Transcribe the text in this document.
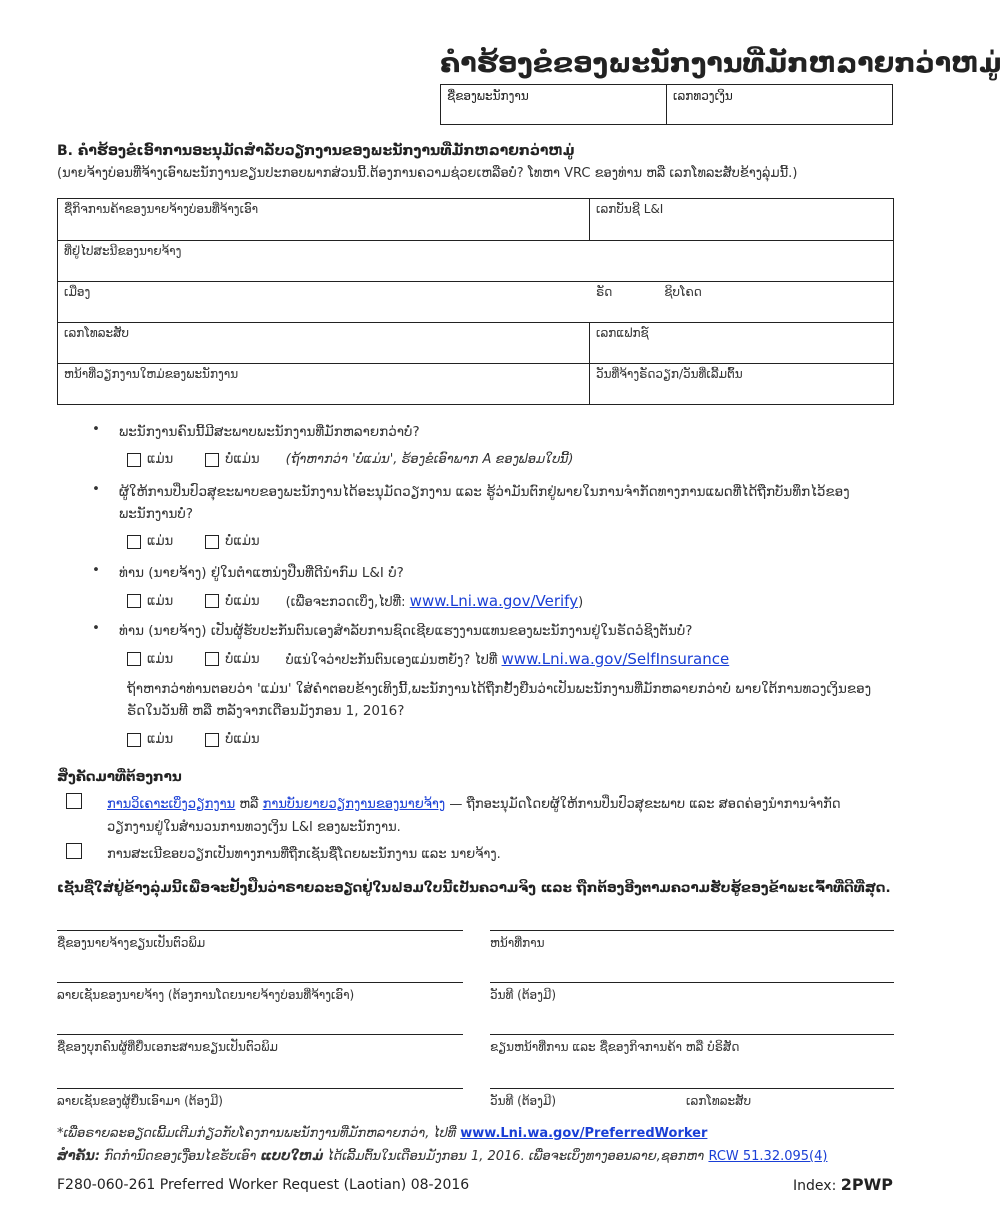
ຄຳຮ້ອງຂໍຂອງພະນັກງານທີ່ມັກຫລາຍກວ່າຫມູ່
ຊື່ຂອງພະນັກງານ	ເລກທວງເງິນ
B. ຄຳຮ້ອງຂໍເອົາການອະນຸມັດສຳລັບວຽກງານຂອງພະນັກງານທີ່ມັກຫລາຍກວ່າຫມູ່
(ນາຍຈ້າງບ່ອນທີ່ຈ້າງເອົາພະນັກງານຂຽນປະກອບພາກສ່ວນນີ້.ຕ້ອງການຄວາມຊ່ວຍເຫລືອບໍ່? ໂທຫາ VRC ຂອງທ່ານ ຫລື ເລກໂທລະສັບຂ້າງລຸ່ມນີ້.)
ຊື່ກິຈການຄ້າຂອງນາຍຈ້າງບ່ອນທີ່ຈ້າງເອົາ	ເລກບັນຊີ L&I
ທີ່ຢູ່ໄປສະນີຂອງນາຍຈ້າງ
ເມືອງ	ຣັດ	ຊິບໂຄດ
ເລກໂທລະສັບ	ເລກແຟກຊ໌
ຫນ້າທີ່ວຽກງານໃຫມ່ຂອງພະນັກງານ	ວັນທີ່ຈ້າງຣັດວຽກ/ວັນທີ່ເລີ້ມຕົ້ນ
• ພະນັກງານຄົນນີ້ມີສະພາບພະນັກງານທີ່ມັກຫລາຍກວ່າບໍ່?
ແມ່ນ	ບໍ່ແມ່ນ (ຖ້າຫາກວ່າ 'ບໍ່ແມ່ນ', ຮ້ອງຂໍເອົາພາກ A ຂອງຟອມໃບນີ້)
• ຜູ້ໃຫ້ການປິ່ນປົວສຸຂະພາບຂອງພະນັກງານໄດ້ອະນຸມັດວຽກງານ ແລະ ຮູ້ວ່າມັນຕົກຢູ່ພາຍໃນການຈຳກັດທາງການແພດທີ່ໄດ້ຖືກບັນທຶກໄວ້ຂອງພະນັກງານບໍ່?
ແມ່ນ	ບໍ່ແມ່ນ
• ທ່ານ (ນາຍຈ້າງ) ຢູ່ໃນຕຳແຫນ່ງປືນທີ່ດີນຳກົມ L&I ບໍ່?
ແມ່ນ	ບໍ່ແມ່ນ (ເພື່ອຈະກວດເບິ່ງ,ໄປທີ່: www.Lni.wa.gov/Verify)
• ທ່ານ (ນາຍຈ້າງ) ເປັນຜູ້ຮັບປະກັນຕົນເອງສຳລັບການຊົດເຊີຍແຮງງານແທນຂອງພະນັກງານຢູ່ໃນຣັດວໍຊິງຕັນບໍ່?
ແມ່ນ	ບໍ່ແມ່ນ ບໍ່ແນ່ໃຈວ່າປະກັນຕົນເອງແມ່ນຫຍັງ? ໄປທີ່ www.Lni.wa.gov/SelfInsurance
ຖ້າຫາກວ່າທ່ານຕອບວ່າ 'ແມ່ນ' ໃສ່ຄຳຕອບຂ້າງເທິງນີ້,ພະນັກງານໄດ້ຖືກຢັ້ງຢືນວ່າເປັນພະນັກງານທີ່ມັກຫລາຍກວ່າບໍ່ ພາຍໃຕ້ການທວງເງິນຂອງຣັດໃນວັນທີ ຫລື ຫລັງຈາກເດືອນມັງກອນ 1, 2016?
ແມ່ນ	ບໍ່ແມ່ນ
ສິ່ງຄັດມາທີ່ຕ້ອງການ
ການວິເຄາະເບິ່ງວຽກງານ ຫລື ການບັນຍາຍວຽກງານຂອງນາຍຈ້າງ — ຖືກອະນຸມັດໂດຍຜູ້ໃຫ້ການປິ່ນປົວສຸຂະພາບ ແລະ ສອດຄ່ອງນຳການຈຳກັດວຽກງານຢູ່ໃນສຳນວນການທວງເງິນ L&I ຂອງພະນັກງານ.
ການສະເນີຂອບວຽກເປັນທາງການທີ່ຖືກເຊັນຊື່ໂດຍພະນັກງານ ແລະ ນາຍຈ້າງ.
ເຊັນຊື່ໃສ່ຢູ່ຂ້າງລຸ່ມນີ້ເພື່ອຈະຢັ້ງຢືນວ່າຣາຍລະອຽດຢູ່ໃນຟອມໃບນີ້ເປັນຄວາມຈິງ ແລະ ຖືກຕ້ອງອີງຕາມຄວາມຮັບຮູ້ຂອງຂ້າພະເຈົ້າທີ່ດີທີ່ສຸດ.
ຊື່ຂອງນາຍຈ້າງຂຽນເປັນຕົວພິມ	ຫນ້າທີ່ການ
ລາຍເຊັນຂອງນາຍຈ້າງ (ຕ້ອງການໂດຍນາຍຈ້າງບ່ອນທີ່ຈ້າງເອົາ)	ວັນທີ (ຕ້ອງມີ)
ຊື່ຂອງບຸກຄົນຜູ້ທີ່ຍື່ນເອກະສານຂຽນເປັນຕົວພິມ	ຂຽນຫນ້າທີ່ການ ແລະ ຊື່ຂອງກິຈການຄ້າ ຫລື ບໍຣິສັດ
ລາຍເຊັນຂອງຜູ້ຍື່ນເອົາມາ (ຕ້ອງມີ)	ວັນທີ (ຕ້ອງມີ)	ເລກໂທລະສັບ
*ເພື່ອຣາຍລະອຽດເພີ້ມເຕີມກ່ຽວກັບໂຄງການພະນັກງານທີ່ມັກຫລາຍກວ່າ, ໄປທີ່ www.Lni.wa.gov/PreferredWorker
ສຳຄັນ: ກົດກຳນົດຂອງເງື່ອນໄຂຮັບເອົາ ແບບໃຫມ່ ໄດ້ເລີ້ມຕົ້ນໃນເດືອນມັງກອນ 1, 2016. ເພື່ອຈະເບິ່ງທາງອອນລາຍ,ຊອກຫາ RCW 51.32.095(4)
F280-060-261 Preferred Worker Request (Laotian) 08-2016	Index: 2PWP
